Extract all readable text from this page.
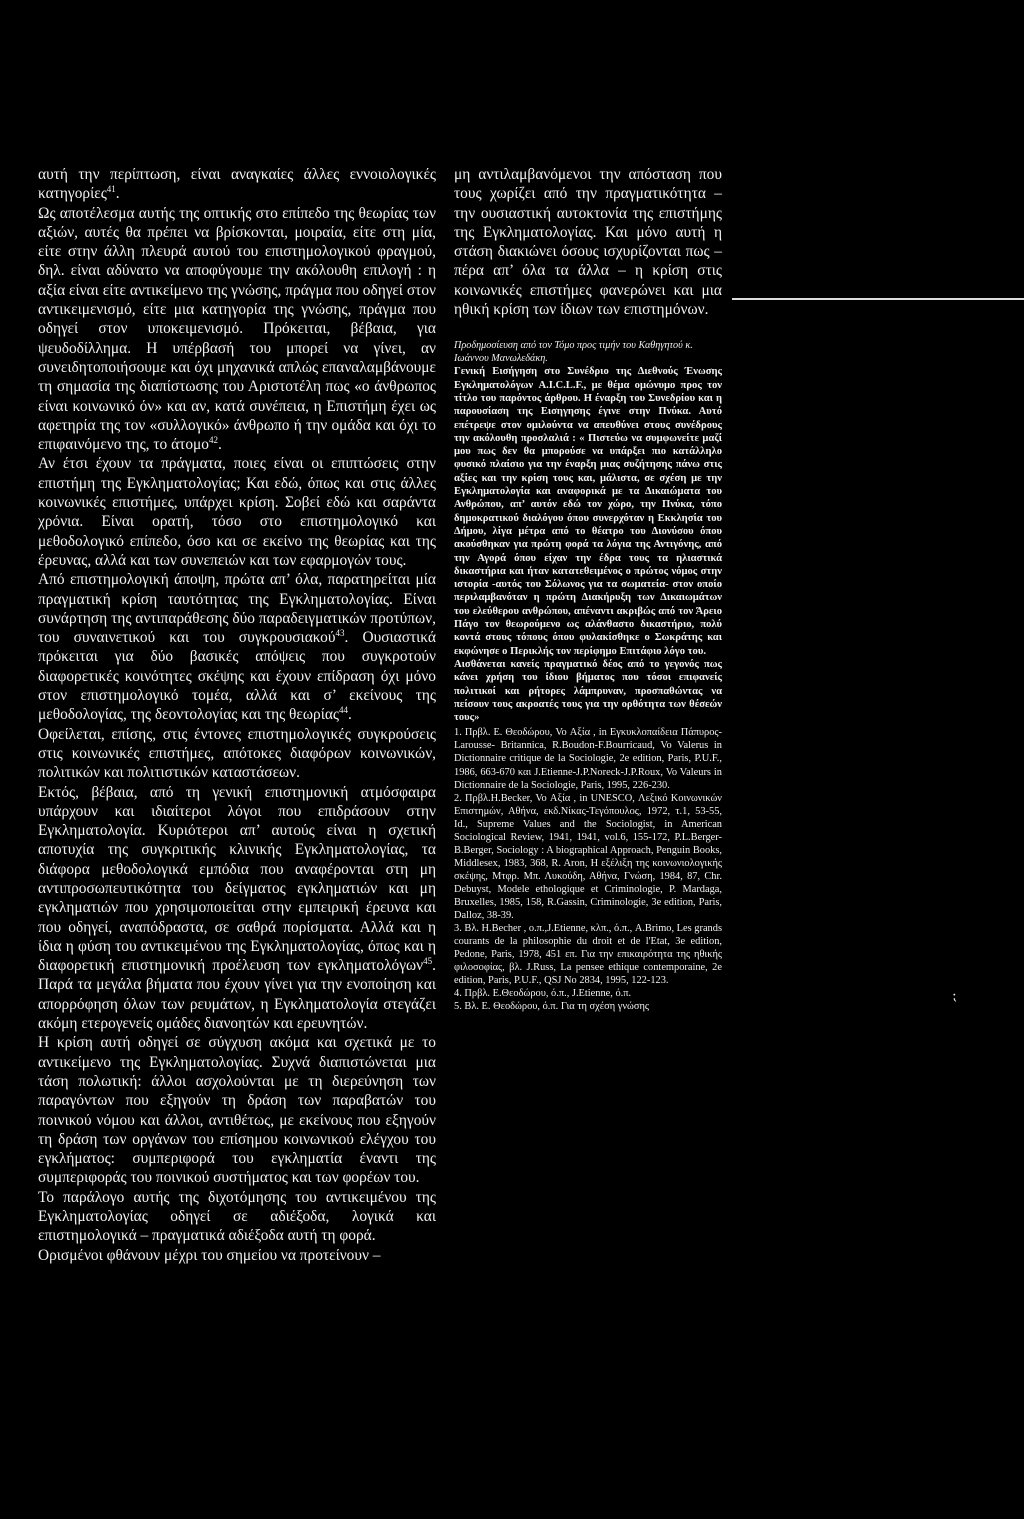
αυτή την περίπτωση, είναι αναγκαίες άλλες εννοιολογικές κατηγορίες$^{41}$.

Ως αποτέλεσμα αυτής της οπτικής στο επίπεδο της θεωρίας των αξιών, αυτές θα πρέπει να βρίσκονται, μοιραία, είτε στη μία, είτε στην άλλη πλευρά αυτού του επιστημολογικού φραγμού, δηλ. είναι αδύνατο να αποφύγουμε την ακόλουθη επιλογή : η αξία είναι είτε αντικείμενο της γνώσης, πράγμα που οδηγεί στον αντικειμενισμό, είτε μια κατηγορία της γνώσης, πράγμα που οδηγεί στον υποκειμενισμό. Πρόκειται, βέβαια, για ψευδοδίλλημα. Η υπέρβασή του μπορεί να γίνει, αν συνειδητοποιήσουμε και όχι μηχανικά απλώς επαναλαμβάνουμε τη σημασία της διαπίστωσης του Αριστοτέλη πως «ο άνθρωπος είναι κοινωνικό όν» και αν, κατά συνέπεια, η Επιστήμη έχει ως αφετηρία της τον «συλλογικό» άνθρωπο ή την ομάδα και όχι το επιφαινόμενο της, το άτομο$^{42}$.

Αν έτσι έχουν τα πράγματα, ποιες είναι οι επιπτώσεις στην επιστήμη της Εγκληματολογίας; Και εδώ, όπως και στις άλλες κοινωνικές επιστήμες, υπάρχει κρίση. Σοβεί εδώ και σαράντα χρόνια. Είναι ορατή, τόσο στο επιστημολογικό και μεθοδολογικό επίπεδο, όσο και σε εκείνο της θεωρίας και της έρευνας, αλλά και των συνεπειών και των εφαρμογών τους.

Από επιστημολογική άποψη, πρώτα απ’ όλα, παρατηρείται μία πραγματική κρίση ταυτότητας της Εγκληματολογίας. Είναι συνάρτηση της αντιπαράθεσης δύο παραδειγματικών προτύπων, του συναινετικού και του συγκρουσιακού$^{43}$. Ουσιαστικά πρόκειται για δύο βασικές απόψεις που συγκροτούν διαφορετικές κοινότητες σκέψης και έχουν επίδραση όχι μόνο στον επιστημολογικό τομέα, αλλά και σ’ εκείνους της μεθοδολογίας, της δεοντολογίας και της θεωρίας$^{44}$.

Οφείλεται, επίσης, στις έντονες επιστημολογικές συγκρούσεις στις κοινωνικές επιστήμες, απότοκες διαφόρων κοινωνικών, πολιτικών και πολιτιστικών καταστάσεων.

Εκτός, βέβαια, από τη γενική επιστημονική ατμόσφαιρα υπάρχουν και ιδιαίτεροι λόγοι που επιδράσουν στην Εγκληματολογία. Κυριότεροι απ’ αυτούς είναι η σχετική αποτυχία της συγκριτικής κλινικής Εγκληματολογίας, τα διάφορα μεθοδολογικά εμπόδια που αναφέρονται στη μη αντιπροσωπευτικότητα του δείγματος εγκληματιών και μη εγκληματιών που χρησιμοποιείται στην εμπειρική έρευνα και που οδηγεί, αναπόδραστα, σε σαθρά πορίσματα. Αλλά και η ίδια η φύση του αντικειμένου της Εγκληματολογίας, όπως και η διαφορετική επιστημονική προέλευση των εγκληματολόγων$^{45}$. Παρά τα μεγάλα βήματα που έχουν γίνει για την ενοποίηση και απορρόφηση όλων των ρευμάτων, η Εγκληματολογία στεγάζει ακόμη ετερογενείς ομάδες διανοητών και ερευνητών.

Η κρίση αυτή οδηγεί σε σύγχυση ακόμα και σχετικά με το αντικείμενο της Εγκληματολογίας. Συχνά διαπιστώνεται μια τάση πολωτική: άλλοι ασχολούνται με τη διερεύνηση των παραγόντων που εξηγούν τη δράση των παραβατών του ποινικού νόμου και άλλοι, αντιθέτως, με εκείνους που εξηγούν τη δράση των οργάνων του επίσημου κοινωνικού ελέγχου του εγκλήματος: συμπεριφορά του εγκληματία έναντι της συμπεριφοράς του ποινικού συστήματος και των φορέων του.

Το παράλογο αυτής της διχοτόμησης του αντικειμένου της Εγκληματολογίας οδηγεί σε αδιέξοδα, λογικά και επιστημολογικά – πραγματικά αδιέξοδα αυτή τη φορά.

Ορισμένοι φθάνουν μέχρι του σημείου να προτείνουν –

μη αντιλαμβανόμενοι την απόσταση που τους χωρίζει από την πραγματικότητα – την ουσιαστική αυτοκτονία της επιστήμης της Εγκληματολογίας. Και μόνο αυτή η στάση διακιώνει όσους ισχυρίζονται πως – πέρα απ’ όλα τα άλλα – η κρίση στις κοινωνικές επιστήμες φανερώνει και μια ηθική κρίση των ίδιων των επιστημόνων.

Προδημοσίευση από τον Τόμο προς τιμήν του Καθηγητού κ. Ιωάννου Μανωλεδάκη.

Γενική Εισήγηση στο Συνέδριο της Διεθνούς Ένωσης Εγκληματολόγων A.I.C.L.F., με θέμα ομώνυμο προς τον τίτλο του παρόντος άρθρου. Η έναρξη του Συνεδρίου και η παρουσίαση της Εισηγησης έγινε στην Πνύκα. Αυτό επέτρεψε στον ομιλούντα να απευθύνει στους συνέδρους την ακόλουθη προσλαλιά : « Πιστεύω να συμφωνείτε μαζί μου πως δεν θα μπορούσε να υπάρξει πιο κατάλληλο φυσικό πλαίσιο για την έναρξη μιας συζήτησης πάνω στις αξίες και την κρίση τους και, μάλιστα, σε σχέση με την Εγκληματολογία και αναφορικά με τα Δικαιώματα του Ανθρώπου, απ’ αυτόν εδώ τον χώρο, την Πνύκα, τόπο δημοκρατικού διαλόγου όπου συνερχόταν η Εκκλησία του Δήμου, λίγα μέτρα από το θέατρο του Διονύσου όπου ακούσθηκαν για πρώτη φορά τα λόγια της Αντιγόνης, από την Αγορά όπου είχαν την έδρα τους τα ηλιαστικά δικαστήρια και ήταν κατατεθειμένος ο πρώτος νόμος στην ιστορία -αυτός του Σόλωνος για τα σωματεία- στον οποίο περιλαμβανόταν η πρώτη Διακήρυξη των Δικαιωμάτων του ελεύθερου ανθρώπου, απέναντι ακριβώς από τον Άρειο Πάγο τον θεωρούμενο ως αλάνθαστο δικαστήριο, πολύ κοντά στους τόπους όπου φυλακίσθηκε ο Σωκράτης και εκφώνησε ο Περικλής τον περίφημο Επιτάφιο λόγο του.

Αισθάνεται κανείς πραγματικό δέος από το γεγονός πως κάνει χρήση του ίδιου βήματος που τόσοι επιφανείς πολιτικοί και ρήτορες λάμπρυναν, προσπαθώντας να πείσουν τους ακροατές τους για την ορθότητα των θέσεών τους»

1. Πρβλ. Ε. Θεοδώρου, Vo Αξία , in Εγκυκλοπαίδεια Πάπυρος- Larousse- Britannica, R.Boudon-F.Bourricaud, Vo Valerus in Dictionnaire critique de la Sociologie, 2e edition, Paris, P.U.F., 1986, 663-670 και J.Etienne-J.P.Noreck-J.P.Roux, Vo Valeurs in Dictionnaire de la Sociologie, Paris, 1995, 226-230.

2. Πρβλ.H.Becker, Vo Αξία , in UNESCO, Λεξικό Κοινωνικών Επιστημών, Αθήνα, εκδ.Νίκας-Τεγόπουλος, 1972, τ.1, 53-55, Id., Supreme Values and the Sociologist, in American Sociological Review, 1941, 1941, vol.6, 155-172, P.L.Berger-B.Berger, Sociology : A biographical Approach, Penguin Books, Middlesex, 1983, 368, R. Aron, Η εξέλιξη της κοινωνιολογικής σκέψης, Μτφρ. Μπ. Λυκούδη, Αθήνα, Γνώση, 1984, 87, Chr. Debuyst, Modele ethologique et Criminologie, P. Mardaga, Bruxelles, 1985, 158, R.Gassin, Criminologie, 3e edition, Paris, Dalloz, 38-39.

3. Βλ. H.Becher , ο.π.,J.Etienne, κλπ., ό.π., A.Brimo, Les grands courants de la philosophie du droit et de l'Etat, 3e edition, Pedone, Paris, 1978, 451 επ. Για την επικαιρότητα της ηθικής φιλοσοφίας, βλ. J.Russ, La pensee ethique contemporaine, 2e edition, Paris, P.U.F., QSJ No 2834, 1995, 122-123.

4. Πρβλ. Ε.Θεοδώρου, ό.π., J.Etienne, ό.π.

5. Βλ. Ε. Θεοδώρου, ό.π. Για τη σχέση γνώσης

⁏
